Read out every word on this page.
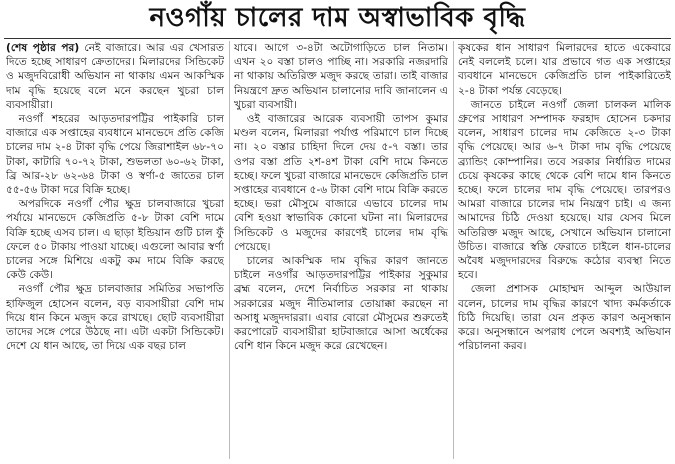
নওগাঁয় চালের দাম অস্বাভাবিক বৃদ্ধি

(শেষ পৃষ্ঠার পর) নেই বাজারে। আর এর খেসারত দিতে হচ্ছে সাধারণ ক্রেতাদের। মিলারদের সিন্ডিকেট ও মজুদবিরোধী অভিযান না থাকায় এমন আকস্মিক দাম বৃদ্ধি হয়েছে বলে মনে করছেন খুচরা চাল ব্যবসায়ীরা।

নওগাঁ শহরের আড়তদারপট্টির পাইকারি চাল বাজারে এক সপ্তাহের ব্যবধানে মানভেদে প্রতি কেজি চালের দাম ২-৪ টাকা বৃদ্ধি পেয়ে জিরাশাইল ৬৮-৭০ টাকা, কাটারি ৭০-৭২ টাকা, শুভলতা ৬০-৬২ টাকা, ব্রি আর-২৮ ৬২-৬৪ টাকা ও স্বর্ণা-৫ জাতের চাল ৫৫-৫৬ টাকা দরে বিক্রি হচ্ছে।

অপরদিকে নওগাঁ পৌর ক্ষুদ্র চালবাজারে খুচরা পর্যায়ে মানভেদে কেজিপ্রতি ৫-৮ টাকা বেশি দামে বিক্রি হচ্ছে এসব চাল। এ ছাড়া ইন্ডিয়ান গুটি চাল ফুঁ ফেলে ৫০ টাকায় পাওয়া যাচ্ছে। এগুলো আবার স্বর্ণা চালের সঙ্গে মিশিয়ে একটু কম দামে বিক্রি করছে কেউ কেউ।

নওগাঁ পৌর ক্ষুদ্র চালবাজার সমিতির সভাপতি হাফিজুল হোসেন বলেন, বড় ব্যবসায়ীরা বেশি দাম দিয়ে ধান কিনে মজুদ করে রাখছে। ছোট ব্যবসায়ীরা তাদের সঙ্গে পেরে উঠছে না। এটা একটা সিন্ডিকেট। দেশে যে ধান আছে, তা দিয়ে এক বছর চাল

যাবে। আগে ৩-৪টা অটোগাড়িতে চাল নিতাম। এখন ২০ বস্তা চালও পাচ্ছি না। সরকারি নজরদারি না থাকায় অতিরিক্ত মজুদ করছে তারা। তাই বাজার নিয়ন্ত্রণে দ্রুত অভিযান চালানোর দাবি জানালেন এ খুচরা ব্যবসায়ী।

ওই বাজারের আরেক ব্যবসায়ী তাপস কুমার মণ্ডল বলেন, মিলাররা পর্যাপ্ত পরিমাণে চাল দিচ্ছে না। ২০ বস্তার চাহিদা দিলে দেয় ৫-৭ বস্তা। তার ওপর বস্তা প্রতি ২শ-৪শ টাকা বেশি দামে কিনতে হচ্ছে। ফলে খুচরা বাজারে মানভেদে কেজিপ্রতি চাল সপ্তাহের ব্যবধানে ৫-৬ টাকা বেশি দামে বিক্রি করতে হচ্ছে। ভরা মৌসুমে বাজারে এভাবে চালের দাম বেশি হওয়া স্বাভাবিক কোনো ঘটনা না। মিলারদের সিন্ডিকেট ও মজুদের কারণেই চালের দাম বৃদ্ধি পেয়েছে।

চালের আকস্মিক দাম বৃদ্ধির কারণ জানতে চাইলে নওগাঁর আড়তদারপট্টির পাইকার সুকুমার ব্রহ্ম বলেন, দেশে নির্বাচিত সরকার না থাকায় সরকারের মজুদ নীতিমালার তোয়াক্কা করছেন না অসাধু মজুদদাররা। এবার বোরো মৌসুমের শুরুতেই করপোরেট ব্যবসায়ীরা হাটবাজারে আসা অর্ধেকের বেশি ধান কিনে মজুদ করে রেখেছেন।

কৃষকের ধান সাধারণ মিলারদের হাতে একেবারে নেই বললেই চলে। যার প্রভাবে গত এক সপ্তাহের ব্যবধানে মানভেদে কেজিপ্রতি চাল পাইকারিতেই ২-৪ টাকা পর্যন্ত বেড়েছে।

জানতে চাইলে নওগাঁ জেলা চালকল মালিক গ্রুপের সাধারণ সম্পাদক ফরহাদ হোসেন চকদার বলেন, সাধারণ চালের দাম কেজিতে ২-৩ টাকা বৃদ্ধি পেয়েছে। আর ৬-৭ টাকা দাম বৃদ্ধি পেয়েছে ব্র্যান্ডিং কোম্পানির। তবে সরকার নির্ধারিত দামের চেয়ে কৃষকের কাছে থেকে বেশি দামে ধান কিনতে হচ্ছে। ফলে চালের দাম বৃদ্ধি পেয়েছে। তারপরও আমরা বাজারে চালের দাম নিয়ন্ত্রণ চাই। এ জন্য আমাদের চিঠি দেওয়া হয়েছে। যার যেসব মিলে অতিরিক্ত মজুদ আছে, সেখানে অভিযান চালানো উচিত। বাজারে স্বস্তি ফেরাতে চাইলে ধান-চালের অবৈধ মজুদদারদের বিরুদ্ধে কঠোর ব্যবস্থা নিতে হবে।

জেলা প্রশাসক মোহাম্মদ আব্দুল আউয়াল বলেন, চালের দাম বৃদ্ধির কারণে খাদ্য কর্মকর্তাকে চিঠি দিয়েছি। তারা যেন প্রকৃত কারণ অনুসন্ধান করে। অনুসন্ধানে অপরাধ পেলে অবশ্যই অভিযান পরিচালনা করব।
